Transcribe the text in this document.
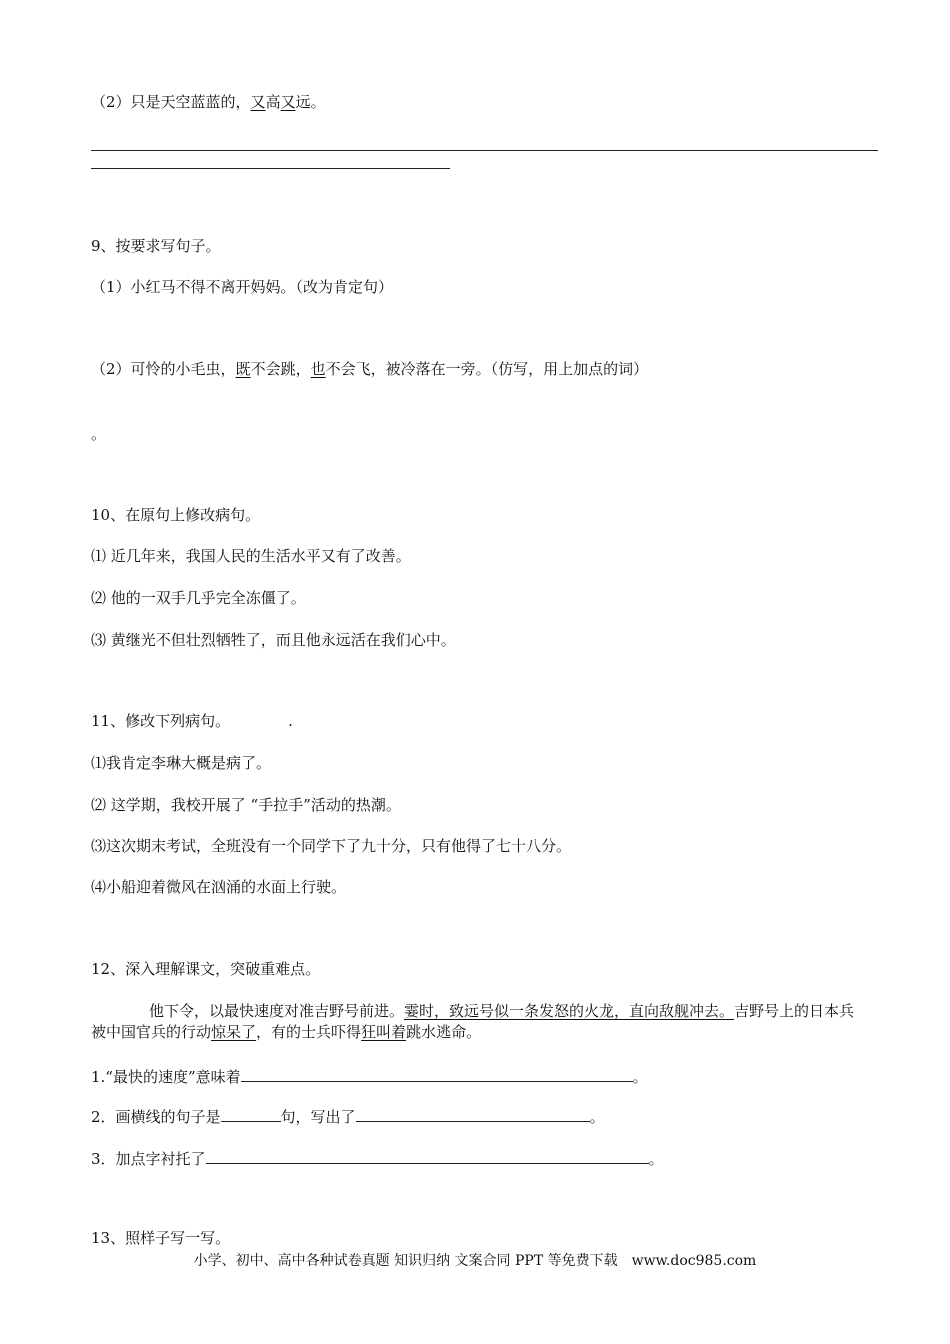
（2）只是天空蓝蓝的，又高又远。
9、按要求写句子。
（1）小红马不得不离开妈妈。（改为肯定句）
（2）可怜的小毛虫，既不会跳，也不会飞，被冷落在一旁。（仿写，用上加点的词）
。
10、在原句上修改病句。
⑴ 近几年来，我国人民的生活水平又有了改善。
⑵ 他的一双手几乎完全冻僵了。
⑶ 黄继光不但壮烈牺牲了，而且他永远活在我们心中。
11、修改下列病句。	.
⑴我肯定李琳大概是病了。
⑵ 这学期，我校开展了 “手拉手”活动的热潮。
⑶这次期末考试，全班没有一个同学下了九十分，只有他得了七十八分。
⑷小船迎着微风在汹涌的水面上行驶。
12、深入理解课文，突破重难点。
他下令，以最快速度对准吉野号前进。霎时，致远号似一条发怒的火龙，直向敌舰冲去。吉野号上的日本兵被中国官兵的行动惊呆了，有的士兵吓得狂叫着跳水逃命。
1.“最快的速度”意味着	。
2．画横线的句子是	句，写出了	。
3．加点字衬托了	。
13、照样子写一写。
小学、初中、高中各种试卷真题 知识归纳 文案合同 PPT 等免费下载　www.doc985.com
